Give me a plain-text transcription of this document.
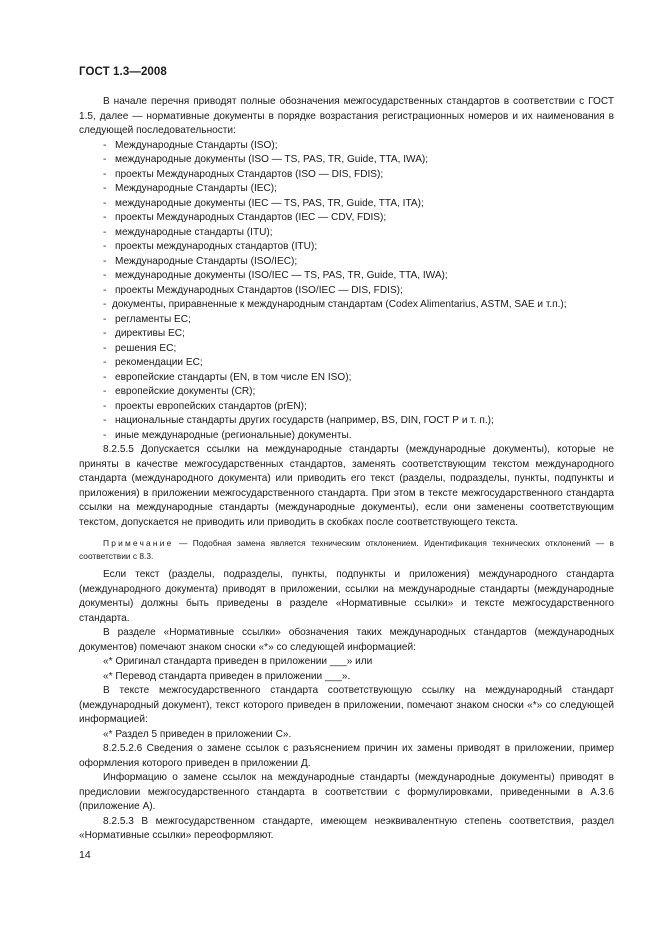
ГОСТ 1.3—2008

В начале перечня приводят полные обозначения межгосударственных стандартов в соответствии с ГОСТ 1.5, далее — нормативные документы в порядке возрастания регистрационных номеров и их наименования в следующей последовательности:

- Международные Стандарты (ISO);

- международные документы (ISO — TS, PAS, TR, Guide, TTA, IWA);

- проекты Международных Стандартов (ISO — DIS, FDIS);

- Международные Стандарты (IEC);

- международные документы (IEC — TS, PAS, TR, Guide, TTA, ITA);

- проекты Международных Стандартов (IEC — CDV, FDIS);

- международные стандарты (ITU);

- проекты международных стандартов (ITU);

- Международные Стандарты (ISO/IEC);

- международные документы (ISO/IEC — TS, PAS, TR, Guide, TTA, IWA);

- проекты Международных Стандартов (ISO/IEC — DIS, FDIS);

- документы, приравненные к международным стандартам (Codex Alimentarius, ASTM, SAE и т.п.);

- регламенты ЕС;

- директивы ЕС;

- решения ЕС;

- рекомендации ЕС;

- европейские стандарты (EN, в том числе EN ISO);

- европейские документы (CR);

- проекты европейских стандартов (prEN);

- национальные стандарты других государств (например, BS, DIN, ГОСТ Р и т. п.);

- иные международные (региональные) документы.

8.2.5.5 Допускается ссылки на международные стандарты (международные документы), которые не приняты в качестве межгосударственных стандартов, заменять соответствующим текстом международного стандарта (международного документа) или приводить его текст (разделы, подразделы, пункты, подпункты и приложения) в приложении межгосударственного стандарта. При этом в тексте межгосударственного стандарта ссылки на международные стандарты (международные документы), если они заменены соответствующим текстом, допускается не приводить или приводить в скобках после соответствующего текста.

Примечание — Подобная замена является техническим отклонением. Идентификация технических отклонений — в соответствии с 8.3.

Если текст (разделы, подразделы, пункты, подпункты и приложения) международного стандарта (международного документа) приводят в приложении, ссылки на международные стандарты (международные документы) должны быть приведены в разделе «Нормативные ссылки» и тексте межгосударственного стандарта.

В разделе «Нормативные ссылки» обозначения таких международных стандартов (международных документов) помечают знаком сноски «*» со следующей информацией:

«* Оригинал стандарта приведен в приложении ___» или

«* Перевод стандарта приведен в приложении ___».

В тексте межгосударственного стандарта соответствующую ссылку на международный стандарт (международный документ), текст которого приведен в приложении, помечают знаком сноски «*» со следующей информацией:

«* Раздел 5 приведен в приложении С».

8.2.5.2.6 Сведения о замене ссылок с разъяснением причин их замены приводят в приложении, пример оформления которого приведен в приложении Д.

Информацию о замене ссылок на международные стандарты (международные документы) приводят в предисловии межгосударственного стандарта в соответствии с формулировками, приведенными в А.3.6 (приложение А).

8.2.5.3 В межгосударственном стандарте, имеющем неэквивалентную степень соответствия, раздел «Нормативные ссылки» переоформляют.

14
